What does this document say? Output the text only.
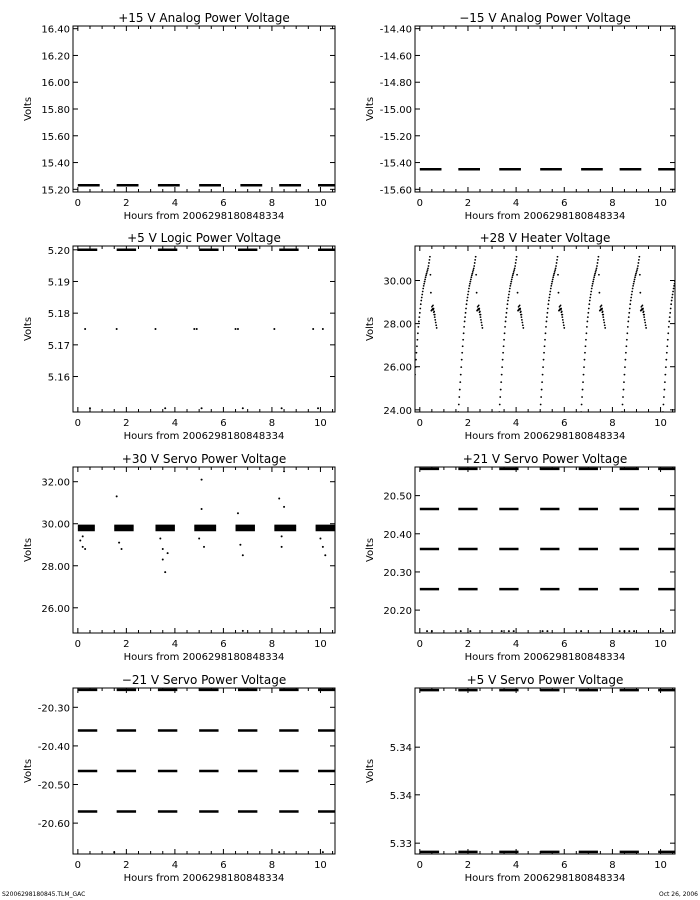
+15 V Analog Power Voltage
0	2	4	6	8	10
15.20
15.40
15.60
15.80
16.00
16.20
16.40
Hours from 2006298180848334
Volts
−15 V Analog Power Voltage
0	2	4	6	8	10
-15.60
-15.40
-15.20
-15.00
-14.80
-14.60
-14.40
Hours from 2006298180848334
Volts
+5 V Logic Power Voltage
0	2	4	6	8	10
5.16
5.17
5.18
5.19
5.20
Hours from 2006298180848334
Volts
+28 V Heater Voltage
0	2	4	6	8	10
24.00
26.00
28.00
30.00
Hours from 2006298180848334
Volts
+30 V Servo Power Voltage
0	2	4	6	8	10
26.00
28.00
30.00
32.00
Hours from 2006298180848334
Volts
+21 V Servo Power Voltage
0	2	4	6	8	10
20.20
20.30
20.40
20.50
Hours from 2006298180848334
Volts
−21 V Servo Power Voltage
0	2	4	6	8	10
-20.60
-20.50
-20.40
-20.30
Hours from 2006298180848334
Volts
+5 V Servo Power Voltage
0	2	4	6	8	10
5.33
5.34
5.34
Hours from 2006298180848334
Volts
S2006298180845.TLM_GAC	Oct 26, 2006
